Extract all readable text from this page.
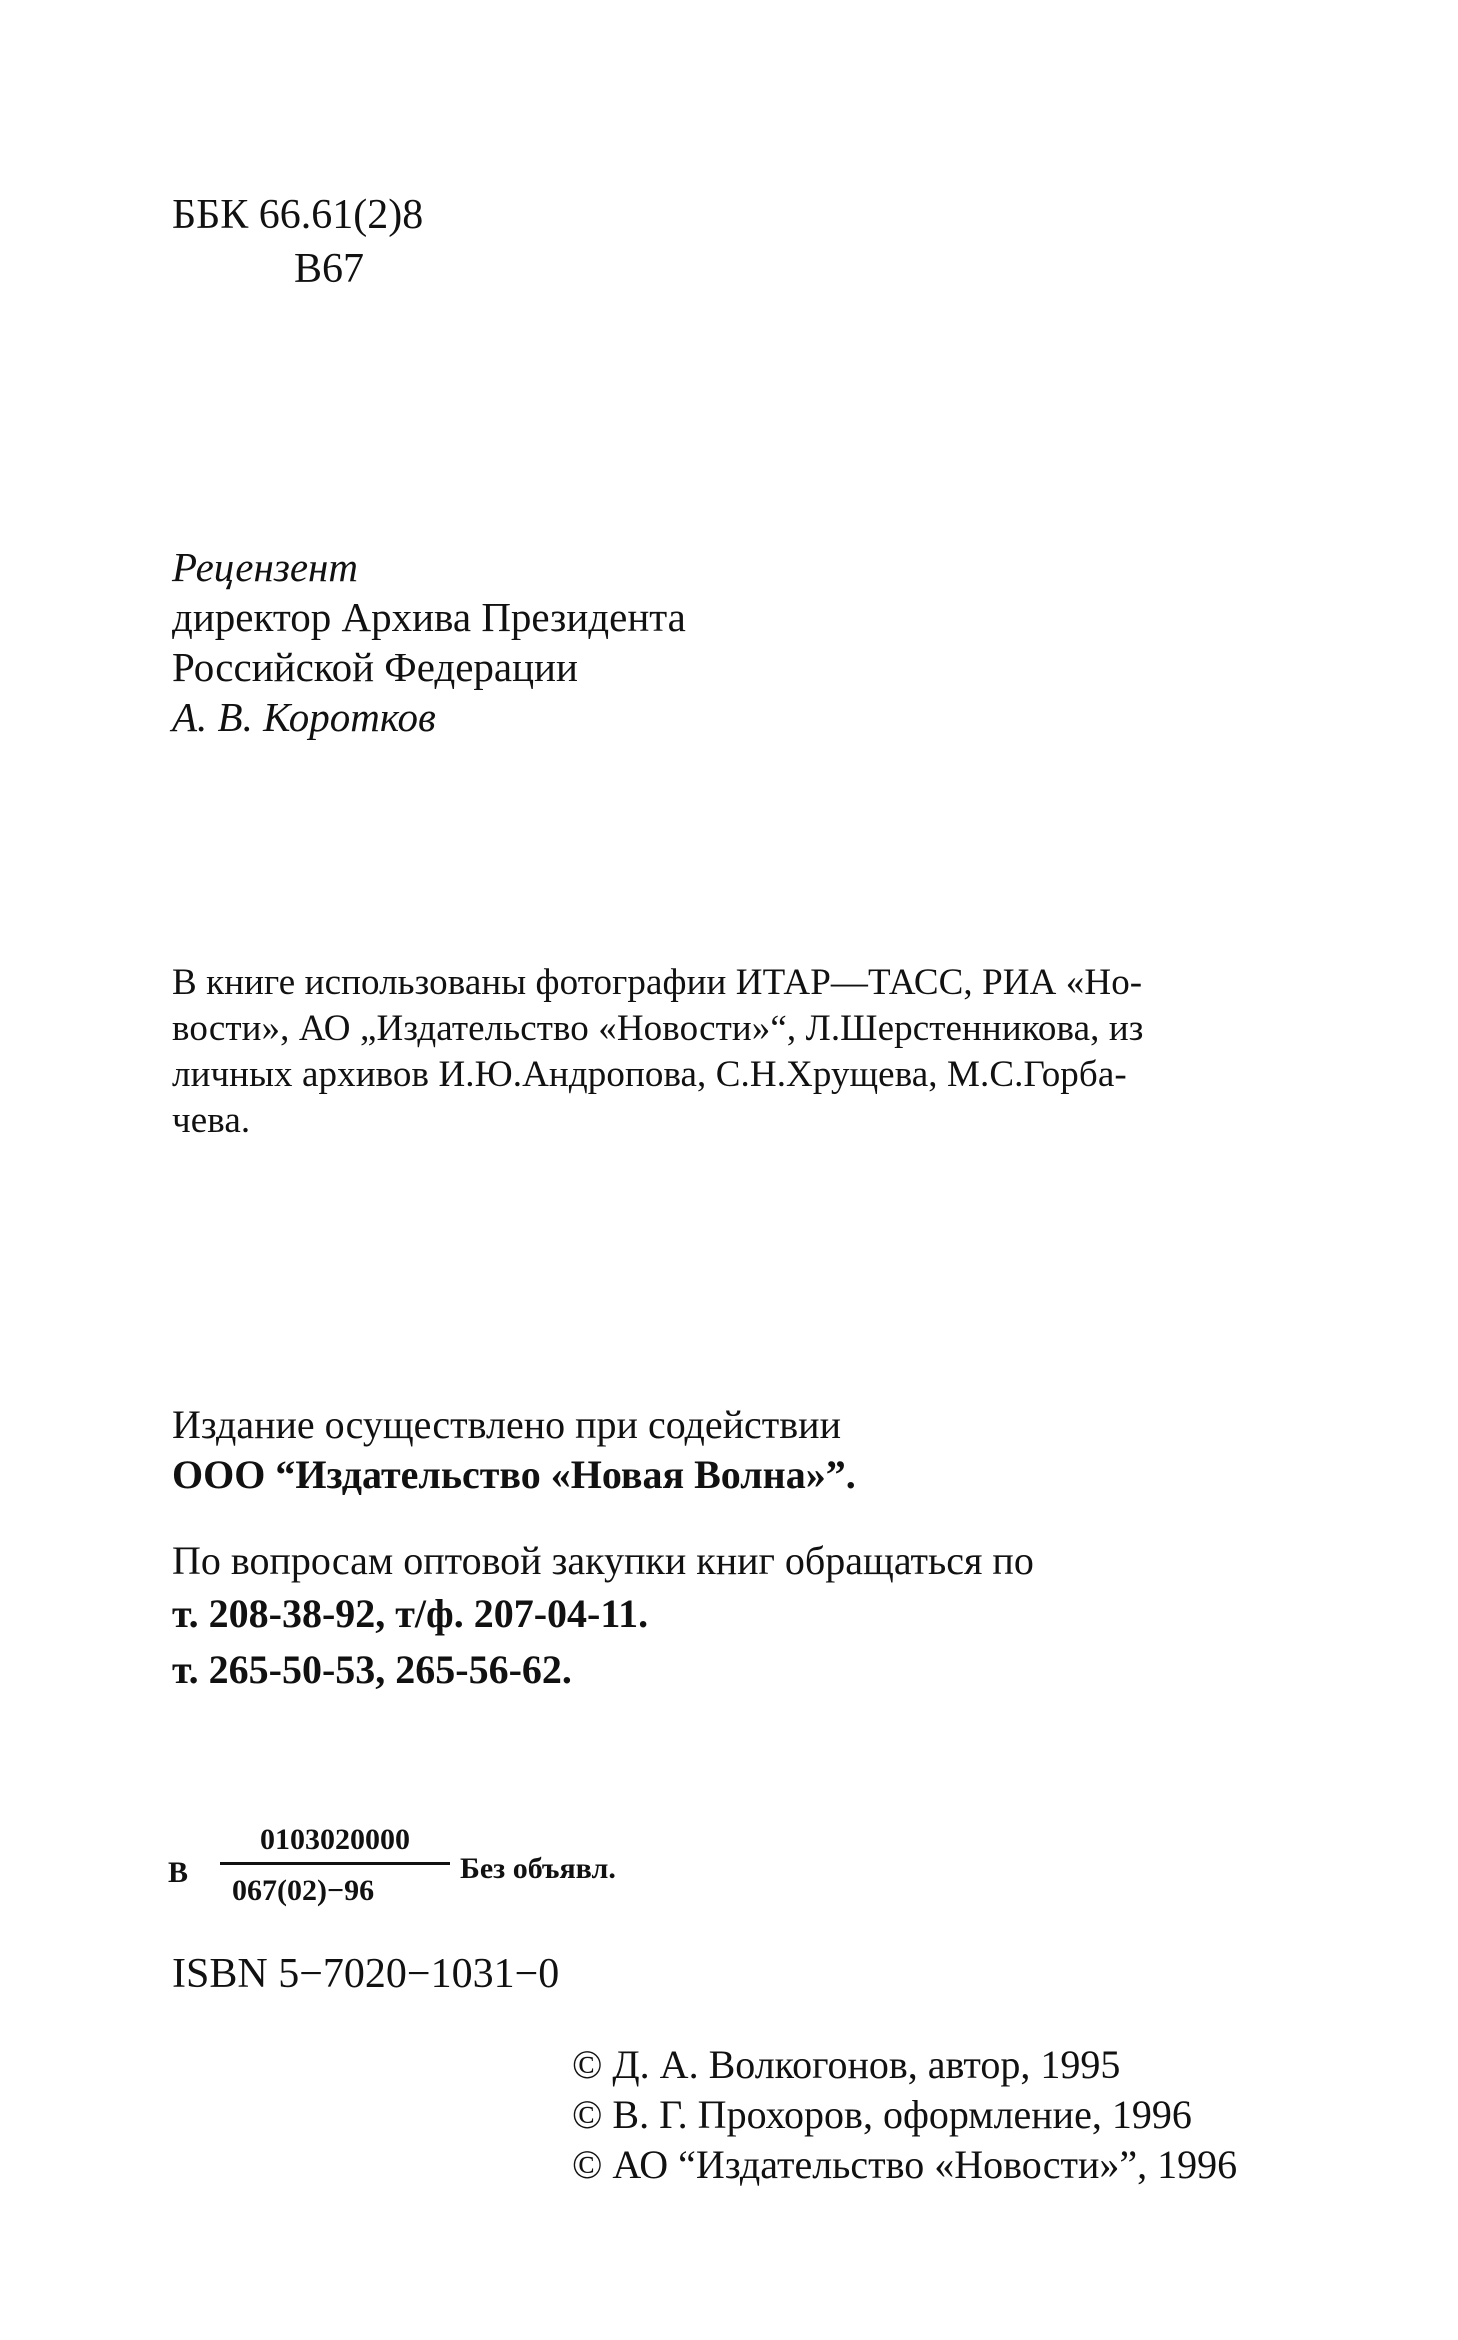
ББК 66.61(2)8
В67
Рецензент
директор Архива Президента
Российской Федерации
А. В. Коротков
В книге использованы фотографии ИТАР—ТАСС, РИА «Но-
вости», АО „Издательство «Новости»“, Л.Шерстенникова, из
личных архивов И.Ю.Андропова, С.Н.Хрущева, М.С.Горба-
чева.
Издание осуществлено при содействии
ООО “Издательство «Новая Волна»”.
По вопросам оптовой закупки книг обращаться по
т. 208-38-92, т/ф. 207-04-11.
т. 265-50-53, 265-56-62.
В
0103020000
067(02)−96
Без объявл.
ISBN 5−7020−1031−0
© Д. А. Волкогонов, автор, 1995
© В. Г. Прохоров, оформление, 1996
© АО “Издательство «Новости»”, 1996
